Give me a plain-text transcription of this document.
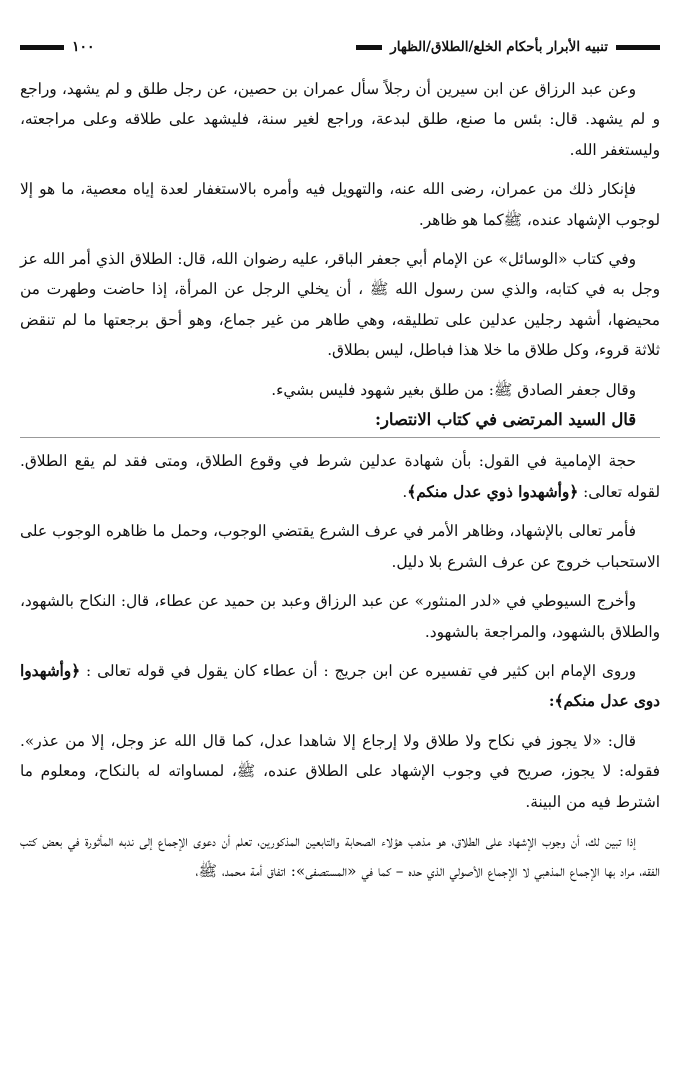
تنبيه الأبرار بأحكام الخلع/الطلاق/الظهار
١٠٠

وعن عبد الرزاق عن ابن سيرين أن رجلاً سأل عمران بن حصين، عن رجل طلق و لم يشهد، وراجع و لم يشهد. قال: بئس ما صنع، طلق لبدعة، وراجع لغير سنة، فليشهد على طلاقه وعلى مراجعته، وليستغفر الله.

فإنكار ذلك من عمران، رضى الله عنه، والتهويل فيه وأمره بالاستغفار لعدة إياه معصية، ما هو إلا لوجوب الإشهاد عنده، ﷺكما هو ظاهر.

وفي كتاب «الوسائل» عن الإمام أبي جعفر الباقر، عليه رضوان الله، قال: الطلاق الذي أمر الله عز وجل به في كتابه، والذي سن رسول الله ﷺ ، أن يخلي الرجل عن المرأة، إذا حاضت وطهرت من محيضها، أشهد رجلين عدلين على تطليقه، وهي طاهر من غير جماع، وهو أحق برجعتها ما لم تنقض ثلاثة قروء، وكل طلاق ما خلا هذا فباطل، ليس بطلاق.

وقال جعفر الصادق ﷺ: من طلق بغير شهود فليس بشيء.

قال السيد المرتضى في كتاب الانتصار:

حجة الإمامية في القول: بأن شهادة عدلين شرط في وقوع الطلاق، ومتى فقد لم يقع الطلاق. لقوله تعالى: ﴿وأشهدوا ذوي عدل منكم﴾.

فأمر تعالى بالإشهاد، وظاهر الأمر في عرف الشرع يقتضي الوجوب، وحمل ما ظاهره الوجوب على الاستحباب خروج عن عرف الشرع بلا دليل.

وأخرج السيوطي في «لدر المنثور» عن عبد الرزاق وعبد بن حميد عن عطاء، قال: النكاح بالشهود، والطلاق بالشهود، والمراجعة بالشهود.

وروى الإمام ابن كثير في تفسيره عن ابن جريج : أن عطاء كان يقول في قوله تعالى : ﴿وأشهدوا دوى عدل منكم﴾:

قال: «لا يجوز في نكاح ولا طلاق ولا إرجاع إلا شاهدا عدل، كما قال الله عز وجل، إلا من عذر». فقوله: لا يجوز، صريح في وجوب الإشهاد على الطلاق عنده، ﷺ، لمساواته له بالنكاح، ومعلوم ما اشترط فيه من البينة.

إذا تبين لك، أن وجوب الإشهاد على الطلاق، هو مذهب هؤلاء الصحابة والتابعين المذكورين، تعلم أن دعوى الإجماع إلى ندبه المأثورة في بعض كتب الفقه، مراد بها الإجماع المذهبي لا الإجماع الأصولي الذي حده – كما في «المستصفى»: اتفاق أمة محمد، ﷺ،
